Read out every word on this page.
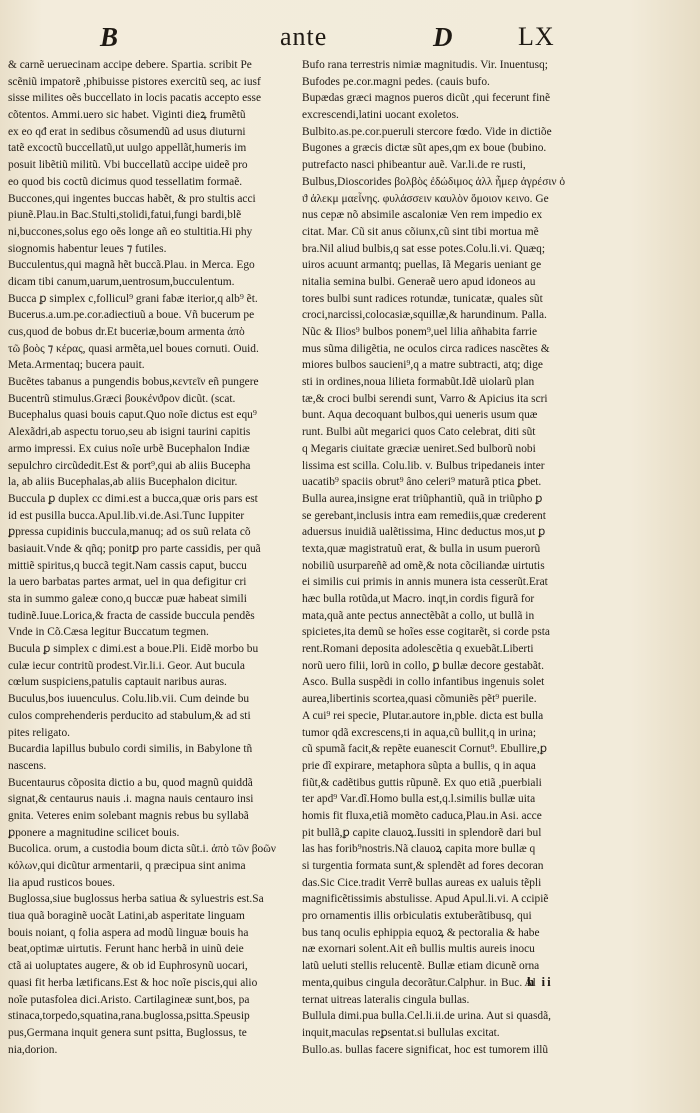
B	ante	D LX
& carnẽ ueruecinam accipe debere. Spartia. scribit Pe
scẽniũ impatorẽ ,phibuisse pistores exercitũ seq, ac iusf
sisse milites oẽs buccellato in locis pacatis accepto esse
cõtentos. Ammi.uero sic habet. Viginti dieꝝ frumẽtũ
ex eo qđ erat in sedibus cõsumendũ ad usus diuturni
tatẽ excoctũ buccellatũ,ut uulgo appellãt,humeris im
posuit libẽtiũ militũ. Vbi buccellatũ accipe uideẽ pro
eo quod bis coctũ dicimus quod tessellatim formaẽ.
Buccones,qui ingentes buccas habẽt, & pro stultis acci
piunẽ.Plau.in Bac.Stulti,stolidi,fatui,fungi bardi,blẽ
ni,buccones,solus ego oẽs longe añ eo stultitia.Hi phy
siognomis habentur leues ⁊ futiles.
Bucculentus,qui magnã hẽt buccã.Plau. in Merca. Ego
dicam tibi canum,uarum,uentrosum,bucculentum.
Bucca ꝑ simplex c,follicul⁹ grani fabæ iterior,q alb⁹ ẽt.
Bucerus.a.um.pe.cor.adiectiuũ a boue. Vñ bucerum pe
cus,quod de bobus dr.Et buceriæ,boum armenta ἀπὸ
τῶ βοὸς ⁊ κέρας, quasi armẽta,uel boues cornuti. Ouid.
Meta.Armentaq; bucera pauit.
Bucẽtes tabanus a pungendis bobus,κεντεῖν eñ pungere
Bucentrũ stimulus.Græci βουκένϑρον dicũt. (scat.
Bucephalus quasi bouis caput.Quo noĩe dictus est equ⁹
Alexãdri,ab aspectu toruo,seu ab isigni taurini capitis
armo impressi. Ex cuius noĩe urbẽ Bucephalon Indiæ
sepulchro circũdedit.Est & port⁹,qui ab aliis Bucepha
la, ab aliis Bucephalas,ab aliis Bucephalon dicitur.
Buccula ꝑ duplex cc dimi.est a bucca,quæ oris pars est
id est pusilla bucca.Apul.lib.vi.de.Asi.Tunc Iuppiter
ꝑpressa cupidinis buccula,manuq; ad os suũ relata cõ
basiauit.Vnde & qñq; ponitꝑ pro parte cassidis, per quã
mittiẽ spiritus,q buccã tegit.Nam cassis caput, buccu
la uero barbatas partes armat, uel in qua defigitur cri
sta in summo galeæ cono,q buccæ puæ habeat simili
tudinẽ.Iuue.Lorica,& fracta de casside buccula pendẽs
Vnde in Cõ.Cæsa legitur Buccatum tegmen.
Bucula ꝑ simplex c dimi.est a boue.Pli. Eidẽ morbo bu
culæ iecur contritũ prodest.Vir.li.i. Geor. Aut bucula
cœlum suspiciens,patulis captauit naribus auras.
Buculus,bos iuuenculus. Colu.lib.vii. Cum deinde bu
culos comprehenderis perducito ad stabulum,& ad sti
pites religato.
Bucardia lapillus bubulo cordi similis, in Babylone tñ
nascens.
Bucentaurus cõposita dictio a bu, quod magnũ quiddã
signat,& centaurus nauis .i. magna nauis centauro insi
gnita. Veteres enim solebant magnis rebus bu syllabã
ꝑponere a magnitudine scilicet bouis.
Bucolica. orum, a custodia boum dicta sũt.i. ἀπὸ τῶν βοῶν
κόλων,qui dicũtur armentarii, q præcipua sint anima
lia apud rusticos boues.
Buglossa,siue buglossus herba satiua & syluestris est.Sa
tiua quã boraginẽ uocãt Latini,ab asperitate linguam
bouis noiant, q folia aspera ad modũ linguæ bouis ha
beat,optimæ uirtutis. Ferunt hanc herbã in uinũ deie
ctã ai uoluptates augere, & ob id Euphrosynũ uocari,
quasi fit herba lætificans.Est & hoc noĩe piscis,qui alio
noĩe putasfolea dici.Aristo. Cartilagineæ sunt,bos, pa
stinaca,torpedo,squatina,rana.buglossa,psitta.Speusip
pus,Germana inquit genera sunt psitta, Buglossus, te
nia,dorion.
Bufo rana terrestris nimiæ magnitudis. Vir. Inuentusq;
Bufodes pe.cor.magni pedes. (cauis bufo.
Bupædas græci magnos pueros dicũt ,qui fecerunt finẽ
excrescendi,latini uocant exoletos.
Bulbito.as.pe.cor.pueruli stercore fœdo. Vide in dictiõe
Bugones a græcis dictæ sũt apes,qm ex boue (bubino.
putrefacto nasci phibeantur auẽ. Var.li.de re rusti,
Bulbus,Dioscorides βολβὸς ἐδώδιμος ἀλλ ἦμερ ἀγρέσιν ὁ
ϑ ἀλεκμ μαεἶνης. φυλάσσειν καυλὸν ὅμοιον κεινο. Ge
nus cepæ nõ absimile ascaloniæ Ven rem impedio ex
citat. Mar. Cũ sit anus cõiunx,cũ sint tibi mortua mẽ
bra.Nil aliud bulbis,q sat esse potes.Colu.li.vi. Quæq;
uiros acuunt armantq; puellas, Iã Megaris ueniant ge
nitalia semina bulbi. Generaẽ uero apud idoneos au
tores bulbi sunt radices rotundæ, tunicatæ, quales sũt
croci,narcissi,colocasiæ,squillæ,& harundinum. Palla.
Nũc & Ilios⁹ bulbos ponem⁹,uel lilia añhabita farrie
mus sũma diligẽtia, ne oculos circa radices nascẽtes &
miores bulbos saucieni⁹,q a matre subtracti, atq; dige
sti in ordines,noua lilieta formabũt.Idẽ uiolarũ plan
tæ,& croci bulbi serendi sunt, Varro & Apicius ita scri
bunt. Aqua decoquant bulbos,qui ueneris usum quæ
runt. Bulbi aũt megarici quos Cato celebrat, diti sũt
q Megaris ciuitate græciæ ueniret.Sed bulborũ nobi
lissima est scilla. Colu.lib. v. Bulbus tripedaneis inter
uacatib⁹ spaciis obrut⁹ âno celeri⁹ maturã ptica ꝑbet.
Bulla aurea,insigne erat triũphantiũ, quã in triũpho ꝑ
se gerebant,inclusis intra eam remediis,quæ crederent
aduersus inuidiã ualẽtissima, Hinc deductus mos,ut ꝑ
texta,quæ magistratuũ erat, & bulla in usum puerorũ
nobiliũ usurpareñẽ ad omẽ,& nota cõciliandæ uirtutis
ei similis cui primis in annis munera ista cesserũt.Erat
hæc bulla rotũda,ut Macro. inqt,in cordis figurã for
mata,quã ante pectus annectẽbãt a collo, ut bullã in
spicietes,ita demũ se hoĩes esse cogitarẽt, si corde psta
rent.Romani deposita adolescẽtia q exuebãt.Liberti
norũ uero filii, lorũ in collo, ꝑ bullæ decore gestabãt.
Asco. Bulla suspẽdi in collo infantibus ingenuis solet
aurea,libertinis scortea,quasi cõmuniẽs pẽt⁹ puerile.
A cui⁹ rei specie, Plutar.autore in,pble. dicta est bulla
tumor qdã excrescens,ti in aqua,cũ bullit,q in urina;
cũ spumã facit,& repẽte euanescit Cornut⁹. Ebullire,ꝑ
prie dĩ expirare, metaphora sũpta a bullis, q in aqua
fiũt,& cadẽtibus guttis rũpunẽ. Ex quo etiã ,puerbiali
ter apd⁹ Var.dĩ.Homo bulla est,q.l.similis bullæ uita
homis fit fluxa,etiã momẽto caduca,Plau.in Asi. acce
pit bullã,ꝑ capite clauoꝝ.Iussiti in splendorẽ dari bul
las has forib⁹nostris.Nã clauoꝝ capita more bullæ q
si turgentia formata sunt,& splendẽt ad fores decoran
das.Sic Cice.tradit Verrẽ bullas aureas ex ualuis tẽpli
magnificẽtissimis abstulisse. Apud Apul.li.vi. A ccipiẽ
pro ornamentis illis orbiculatis extuberãtibusq, qui
bus tanq oculis ephippia equoꝝ & pectoralia & habe
næ exornari solent.Ait eñ bullis multis aureis inocu
latũ ueluti stellis relucentẽ. Bullæ etiam dicunẽ orna
menta,quibus cingula decorãtur.Calphur. in Buc. Al
ternat uitreas lateralis cingula bullas.
Bullula dimi.pua bulla.Cel.li.ii.de urina. Aut si quasdã,
inquit,maculas reꝑsentat.si bullulas excitat.
Bullo.as. bullas facere significat, hoc est tumorem illũ
h ii
